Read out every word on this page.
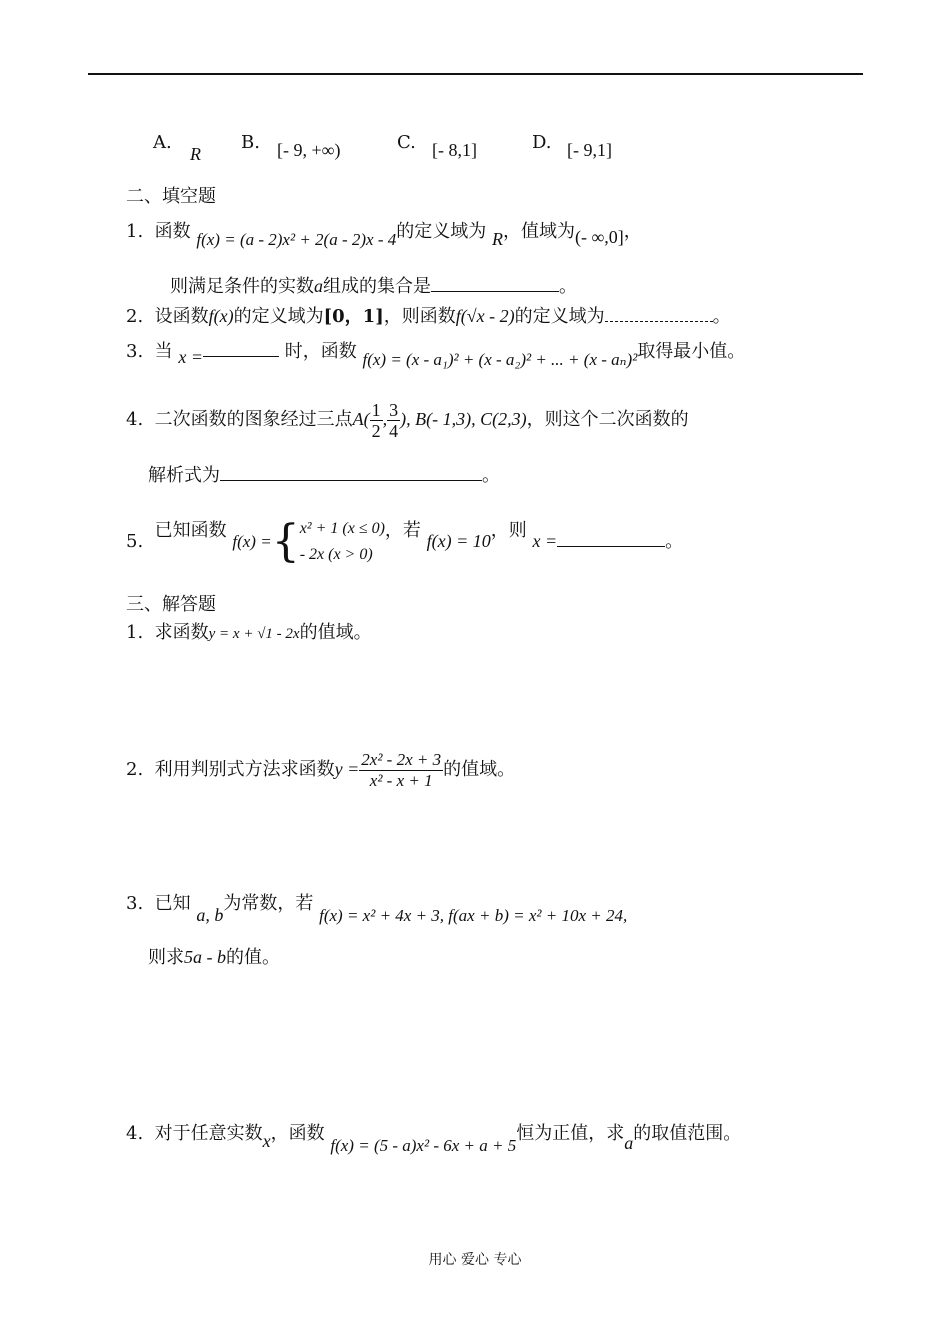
A.
R
B. [- 9, +∞)	C. [- 8,1]	D. [- 9,1]
二、填空题
1. 函数 f(x) = (a - 2)x² + 2(a - 2)x - 4的定义域为 R，值域为(- ∞,0]，
则满足条件的实数a组成的集合是	。
2. 设函数f(x)的定义域为[0，1]，则函数f(√x - 2)的定义域为	。
3. 当 x =	时，函数 f(x) = (x - a₁)² + (x - a₂)² + ... + (x - aₙ)²取得最小值。
4. 二次函数的图象经过三点$A( \frac{1}{2}$ , $\frac{3}{4}$ ), B(- 1,3), C(2,3)，则这个二次函数的
解析式为	。
5.  已知函数 f(x) ={ x² + 1 (x ≤ 0)
- 2x (x > 0)
，若 f(x) = 10，则 x =	。
三、解答题
1. 求函数y = x + √1 - 2x的值域。
2. 利用判别式方法求函数$y = \frac{\text{2x² - 2x + 3}}{\text{x² - x + 1}}$ 的值域。
3. 已知 a, b为常数，若 f(x) = x² + 4x + 3, f(ax + b) = x² + 10x + 24,
则求5a - b的值。
4. 对于任意实数x，函数 f(x) = (5 - a)x² - 6x + a + 5恒为正值，求a的取值范围。
用心 爱心 专心
